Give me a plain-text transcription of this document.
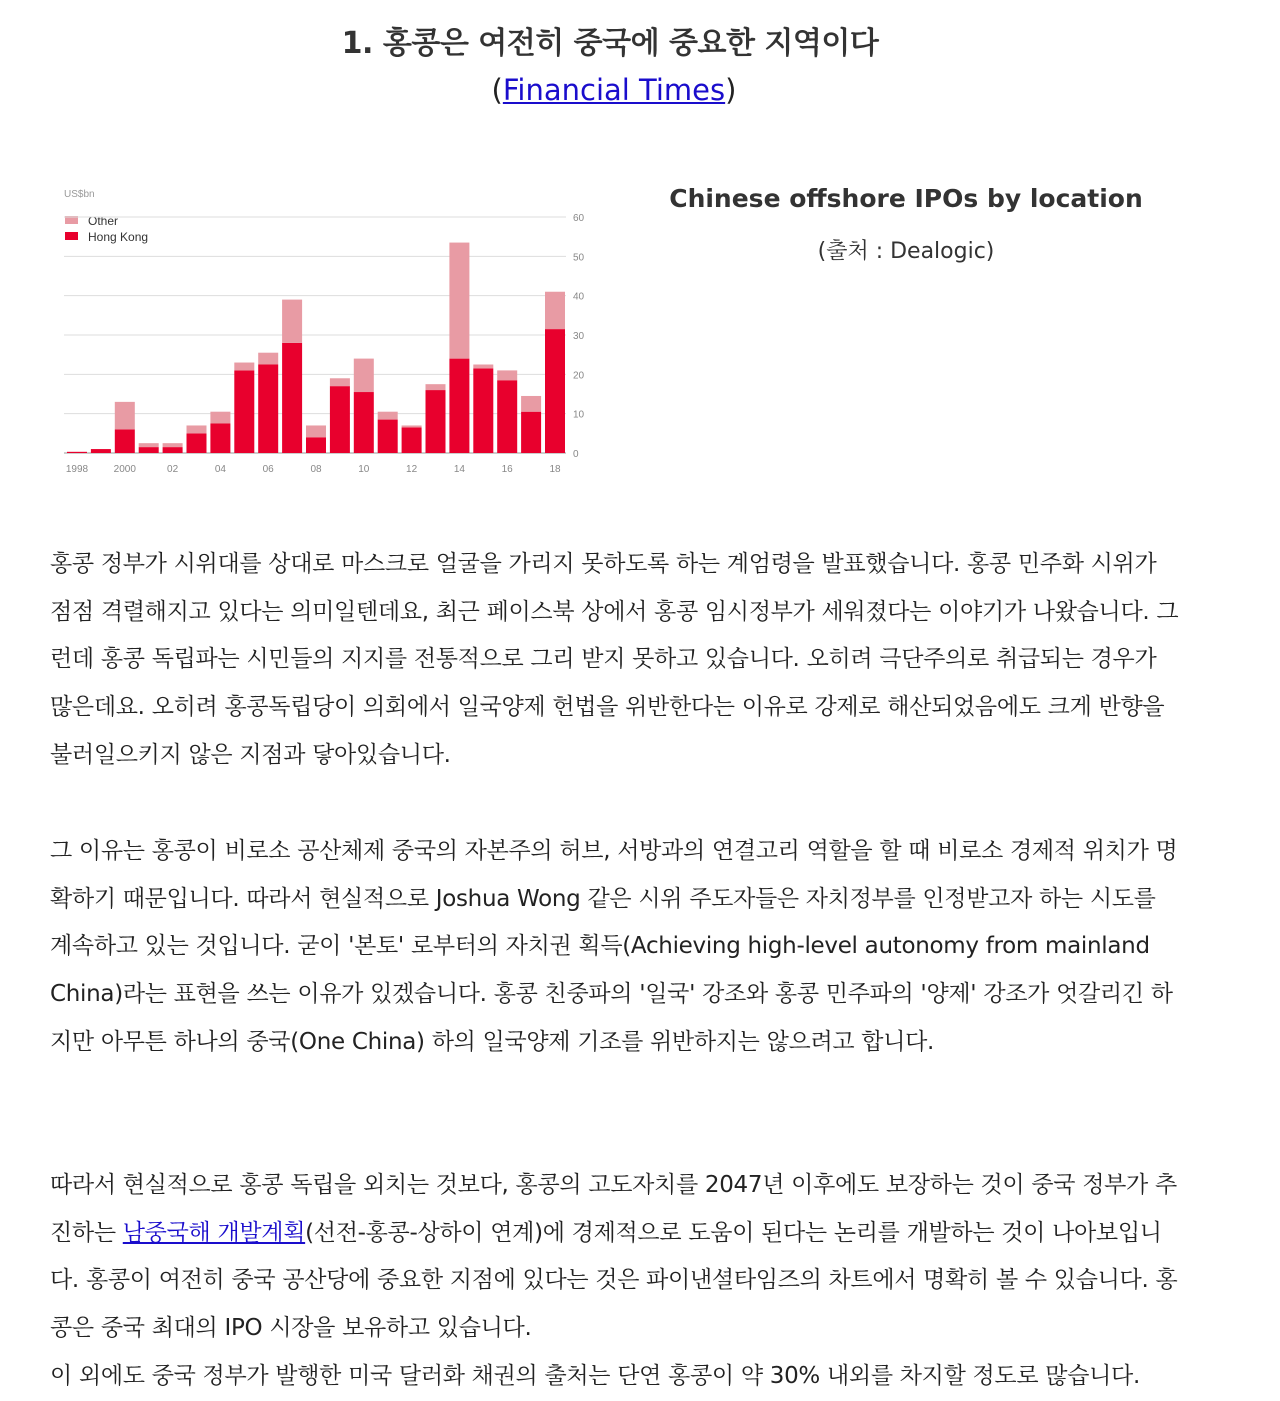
1. 홍콩은 여전히 중국에 중요한 지역이다
(Financial Times)
US$bn
Other
Hong Kong
0
10
20
30
40
50
60
1998	2000	02	04	06	08	10	12	14	16	18
Chinese offshore IPOs by location
(출처 : Dealogic)

홍콩 정부가 시위대를 상대로 마스크로 얼굴을 가리지 못하도록 하는 계엄령을 발표했습니다. 홍콩 민주화 시위가 점점 격렬해지고 있다는 의미일텐데요, 최근 페이스북 상에서 홍콩 임시정부가 세워졌다는 이야기가 나왔습니다. 그런데 홍콩 독립파는 시민들의 지지를 전통적으로 그리 받지 못하고 있습니다. 오히려 극단주의로 취급되는 경우가 많은데요. 오히려 홍콩독립당이 의회에서 일국양제 헌법을 위반한다는 이유로 강제로 해산되었음에도 크게 반향을 불러일으키지 않은 지점과 닿아있습니다.

그 이유는 홍콩이 비로소 공산체제 중국의 자본주의 허브, 서방과의 연결고리 역할을 할 때 비로소 경제적 위치가 명확하기 때문입니다. 따라서 현실적으로 Joshua Wong 같은 시위 주도자들은 자치정부를 인정받고자 하는 시도를 계속하고 있는 것입니다. 굳이 '본토' 로부터의 자치권 획득(Achieving high-level autonomy from mainland China)라는 표현을 쓰는 이유가 있겠습니다. 홍콩 친중파의 '일국' 강조와 홍콩 민주파의 '양제' 강조가 엇갈리긴 하지만 아무튼 하나의 중국(One China) 하의 일국양제 기조를 위반하지는 않으려고 합니다.

따라서 현실적으로 홍콩 독립을 외치는 것보다, 홍콩의 고도자치를 2047년 이후에도 보장하는 것이 중국 정부가 추진하는 남중국해 개발계획(선전-홍콩-상하이 연계)에 경제적으로 도움이 된다는 논리를 개발하는 것이 나아보입니다. 홍콩이 여전히 중국 공산당에 중요한 지점에 있다는 것은 파이낸셜타임즈의 차트에서 명확히 볼 수 있습니다. 홍콩은 중국 최대의 IPO 시장을 보유하고 있습니다.

이 외에도 중국 정부가 발행한 미국 달러화 채권의 출처는 단연 홍콩이 약 30% 내외를 차지할 정도로 많습니다.
